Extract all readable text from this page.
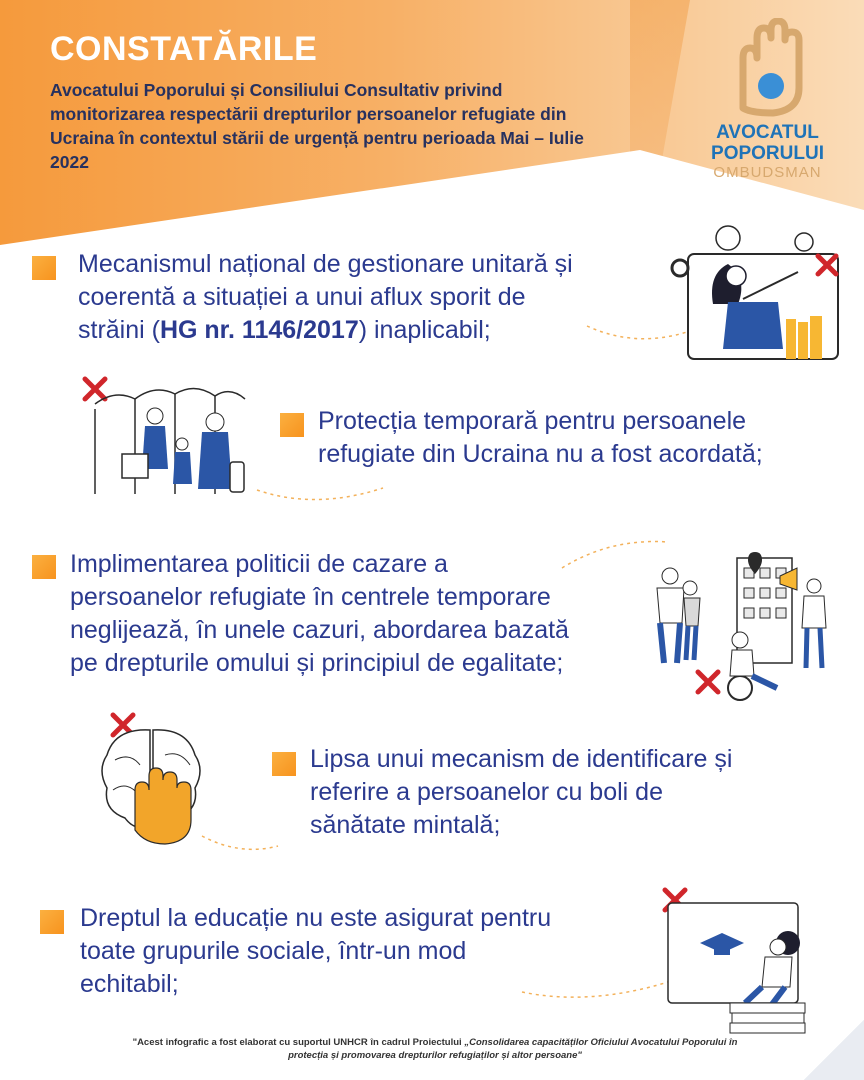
CONSTATĂRILE

Avocatului Poporului și Consiliului Consultativ privind monitorizarea respectării drepturilor persoanelor refugiate din Ucraina în contextul stării de urgență pentru perioada Mai – Iulie 2022

AVOCATUL
POPORULUI
OMBUDSMAN
Mecanismul național de gestionare unitară și
coerentă a situației a unui aflux sporit de
străini (HG nr. 1146/2017) inaplicabil;
Protecția temporară pentru persoanele
refugiate din Ucraina nu a fost acordată;
Implimentarea politicii de cazare a
persoanelor refugiate în centrele temporare
neglijează, în unele cazuri, abordarea bazată
pe drepturile omului și principiul de egalitate;
Lipsa unui mecanism de identificare și
referire a persoanelor cu boli de
sănătate mintală;
Dreptul la educație nu este asigurat pentru
toate grupurile sociale, într-un mod
echitabil;

"Acest infografic a fost elaborat cu suportul UNHCR în cadrul Proiectului „Consolidarea capacităților Oficiului Avocatului Poporului în protecția și promovarea drepturilor refugiaților și altor persoane"
